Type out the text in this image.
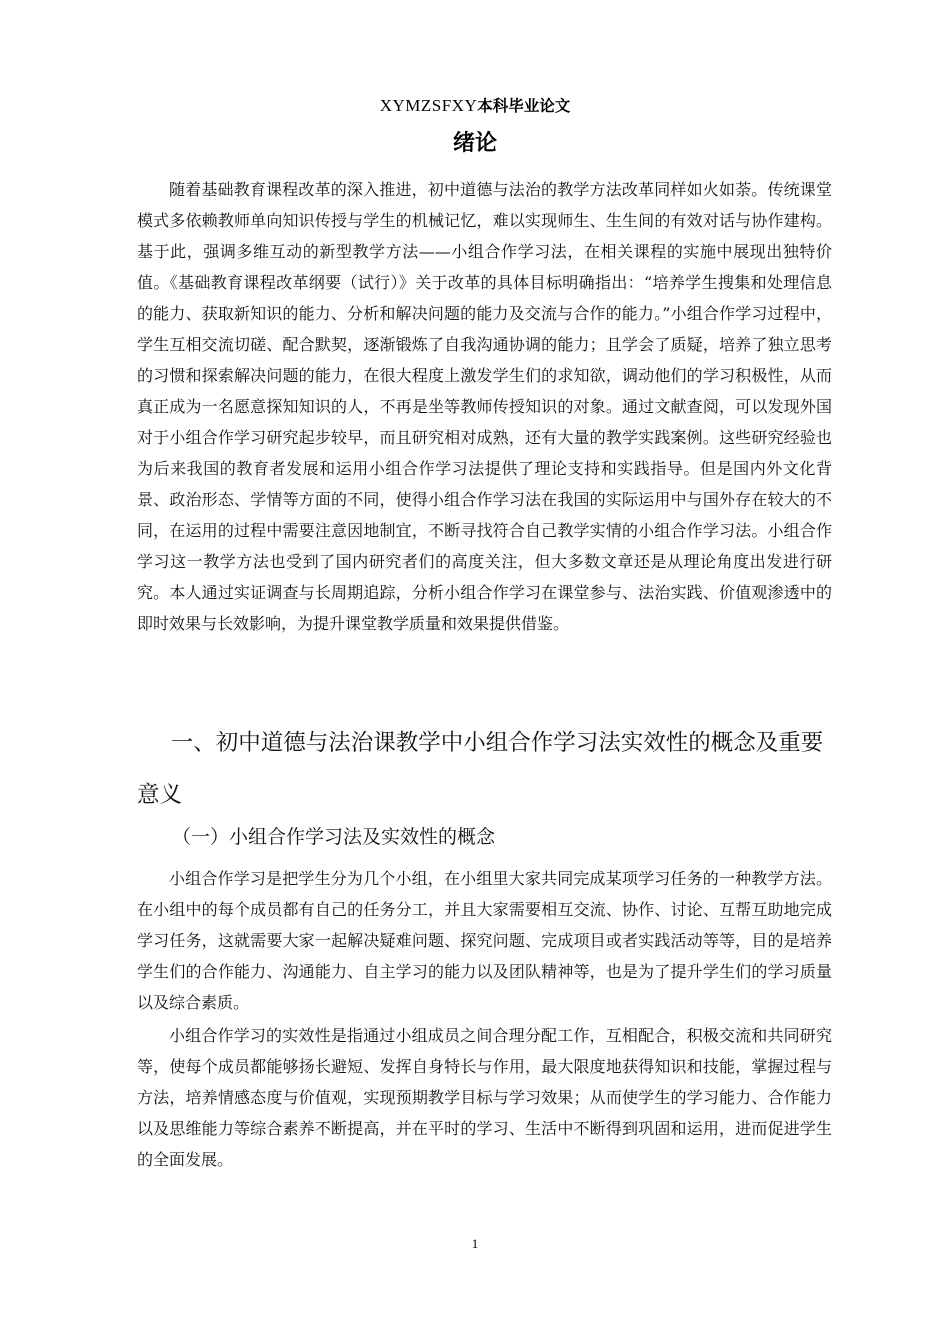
XYMZSFXY本科毕业论文
绪论

随着基础教育课程改革的深入推进，初中道德与法治的教学方法改革同样如火如荼。传统课堂模式多依赖教师单向知识传授与学生的机械记忆，难以实现师生、生生间的有效对话与协作建构。基于此，强调多维互动的新型教学方法——小组合作学习法，在相关课程的实施中展现出独特价值。《基础教育课程改革纲要（试行）》关于改革的具体目标明确指出：“培养学生搜集和处理信息的能力、获取新知识的能力、分析和解决问题的能力及交流与合作的能力。”小组合作学习过程中，学生互相交流切磋、配合默契，逐渐锻炼了自我沟通协调的能力；且学会了质疑，培养了独立思考的习惯和探索解决问题的能力，在很大程度上激发学生们的求知欲，调动他们的学习积极性，从而真正成为一名愿意探知知识的人，不再是坐等教师传授知识的对象。通过文献查阅，可以发现外国对于小组合作学习研究起步较早，而且研究相对成熟，还有大量的教学实践案例。这些研究经验也为后来我国的教育者发展和运用小组合作学习法提供了理论支持和实践指导。但是国内外文化背景、政治形态、学情等方面的不同，使得小组合作学习法在我国的实际运用中与国外存在较大的不同，在运用的过程中需要注意因地制宜，不断寻找符合自己教学实情的小组合作学习法。小组合作学习这一教学方法也受到了国内研究者们的高度关注，但大多数文章还是从理论角度出发进行研究。本人通过实证调查与长周期追踪，分析小组合作学习在课堂参与、法治实践、价值观渗透中的即时效果与长效影响，为提升课堂教学质量和效果提供借鉴。

一、初中道德与法治课教学中小组合作学习法实效性的概念及重要意义

（一）小组合作学习法及实效性的概念

小组合作学习是把学生分为几个小组，在小组里大家共同完成某项学习任务的一种教学方法。在小组中的每个成员都有自己的任务分工，并且大家需要相互交流、协作、讨论、互帮互助地完成学习任务，这就需要大家一起解决疑难问题、探究问题、完成项目或者实践活动等等，目的是培养学生们的合作能力、沟通能力、自主学习的能力以及团队精神等，也是为了提升学生们的学习质量以及综合素质。

小组合作学习的实效性是指通过小组成员之间合理分配工作，互相配合，积极交流和共同研究等，使每个成员都能够扬长避短、发挥自身特长与作用，最大限度地获得知识和技能，掌握过程与方法，培养情感态度与价值观，实现预期教学目标与学习效果；从而使学生的学习能力、合作能力以及思维能力等综合素养不断提高，并在平时的学习、生活中不断得到巩固和运用，进而促进学生的全面发展。

1
